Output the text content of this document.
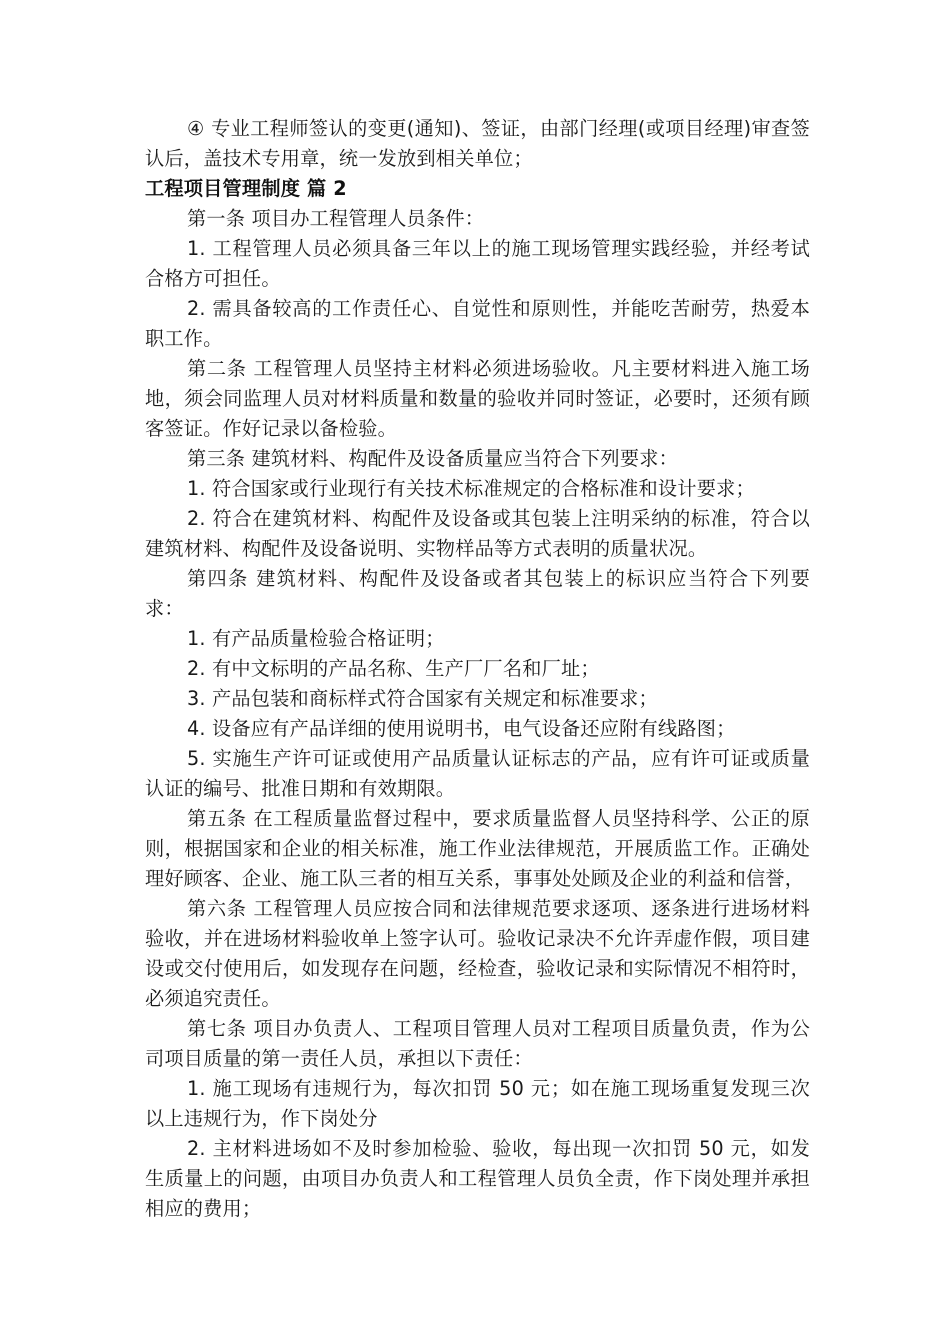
④ 专业工程师签认的变更(通知)、签证，由部门经理(或项目经理)审查签认后，盖技术专用章，统一发放到相关单位；

工程项目管理制度 篇 2

第一条 项目办工程管理人员条件：

1. 工程管理人员必须具备三年以上的施工现场管理实践经验，并经考试合格方可担任。

2. 需具备较高的工作责任心、自觉性和原则性，并能吃苦耐劳，热爱本职工作。

第二条 工程管理人员坚持主材料必须进场验收。凡主要材料进入施工场地，须会同监理人员对材料质量和数量的验收并同时签证，必要时，还须有顾客签证。作好记录以备检验。

第三条 建筑材料、构配件及设备质量应当符合下列要求：

1. 符合国家或行业现行有关技术标准规定的合格标准和设计要求；

2. 符合在建筑材料、构配件及设备或其包装上注明采纳的标准，符合以建筑材料、构配件及设备说明、实物样品等方式表明的质量状况。

第四条 建筑材料、构配件及设备或者其包装上的标识应当符合下列要求：

1. 有产品质量检验合格证明；

2. 有中文标明的产品名称、生产厂厂名和厂址；

3. 产品包装和商标样式符合国家有关规定和标准要求；

4. 设备应有产品详细的使用说明书，电气设备还应附有线路图；

5. 实施生产许可证或使用产品质量认证标志的产品，应有许可证或质量认证的编号、批准日期和有效期限。

第五条 在工程质量监督过程中，要求质量监督人员坚持科学、公正的原则，根据国家和企业的相关标准，施工作业法律规范，开展质监工作。正确处理好顾客、企业、施工队三者的相互关系，事事处处顾及企业的利益和信誉，

第六条 工程管理人员应按合同和法律规范要求逐项、逐条进行进场材料验收，并在进场材料验收单上签字认可。验收记录决不允许弄虚作假，项目建设或交付使用后，如发现存在问题，经检查，验收记录和实际情况不相符时，必须追究责任。

第七条 项目办负责人、工程项目管理人员对工程项目质量负责，作为公司项目质量的第一责任人员，承担以下责任：

1. 施工现场有违规行为，每次扣罚 50 元；如在施工现场重复发现三次以上违规行为，作下岗处分

2. 主材料进场如不及时参加检验、验收，每出现一次扣罚 50 元，如发生质量上的问题，由项目办负责人和工程管理人员负全责，作下岗处理并承担相应的费用；
